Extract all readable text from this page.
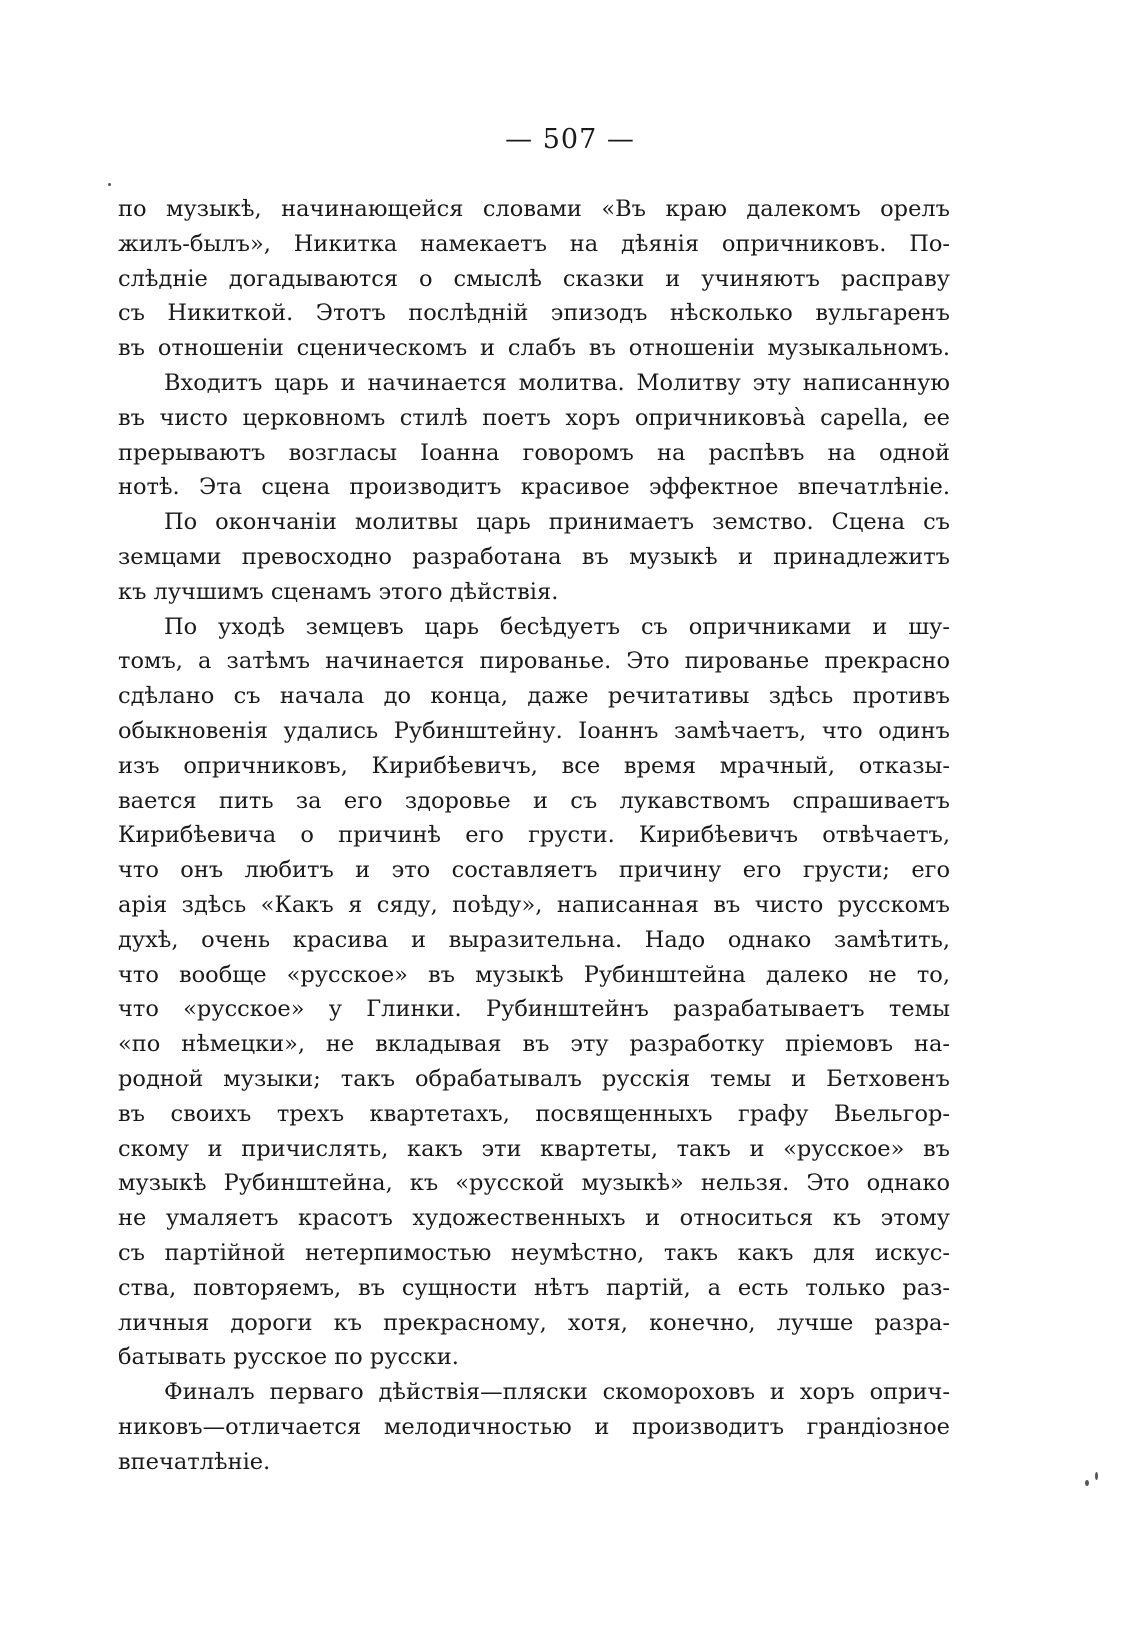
— 507 —

по музыкѣ, начинающейся словами «Въ краю далекомъ орелъ
жилъ-былъ», Никитка намекаетъ на дѣянія опричниковъ. По-
слѣдніе догадываются о смыслѣ сказки и учиняютъ расправу
съ Никиткой. Этотъ послѣдній эпизодъ нѣсколько вульгаренъ
въ отношеніи сценическомъ и слабъ въ отношеніи музыкальномъ.

Входитъ царь и начинается молитва. Молитву эту написанную
въ чисто церковномъ стилѣ поетъ хоръ опричниковъà capella, ее
прерываютъ возгласы Іоанна говоромъ на распѣвъ на одной
нотѣ. Эта сцена производитъ красивое эффектное впечатлѣніе.

По окончаніи молитвы царь принимаетъ земство. Сцена съ
земцами превосходно разработана въ музыкѣ и принадлежитъ
къ лучшимъ сценамъ этого дѣйствія.

По уходѣ земцевъ царь бесѣдуетъ съ опричниками и шу-
томъ, а затѣмъ начинается пированье. Это пированье прекрасно
сдѣлано съ начала до конца, даже речитативы здѣсь противъ
обыкновенія удались Рубинштейну. Іоаннъ замѣчаетъ, что одинъ
изъ опричниковъ, Кирибѣевичъ, все время мрачный, отказы-
вается пить за его здоровье и съ лукавствомъ спрашиваетъ
Кирибѣевича о причинѣ его грусти. Кирибѣевичъ отвѣчаетъ,
что онъ любитъ и это составляетъ причину его грусти; его
арія здѣсь «Какъ я сяду, поѣду», написанная въ чисто русскомъ
духѣ, очень красива и выразительна. Надо однако замѣтить,
что вообще «русское» въ музыкѣ Рубинштейна далеко не то,
что «русское» у Глинки. Рубинштейнъ разрабатываетъ темы
«по нѣмецки», не вкладывая въ эту разработку пріемовъ на-
родной музыки; такъ обрабатывалъ русскія темы и Бетховенъ
въ своихъ трехъ квартетахъ, посвященныхъ графу Вьельгор-
скому и причислять, какъ эти квартеты, такъ и «русское» въ
музыкѣ Рубинштейна, къ «русской музыкѣ» нельзя. Это однако
не умаляетъ красотъ художественныхъ и относиться къ этому
съ партійной нетерпимостью неумѣстно, такъ какъ для искус-
ства, повторяемъ, въ сущности нѣтъ партій, а есть только раз-
личныя дороги къ прекрасному, хотя, конечно, лучше разра-
батывать русское по русски.

Финалъ перваго дѣйствія—пляски скомороховъ и хоръ оприч-
никовъ—отличается мелодичностью и производитъ грандіозное
впечатлѣніе.
